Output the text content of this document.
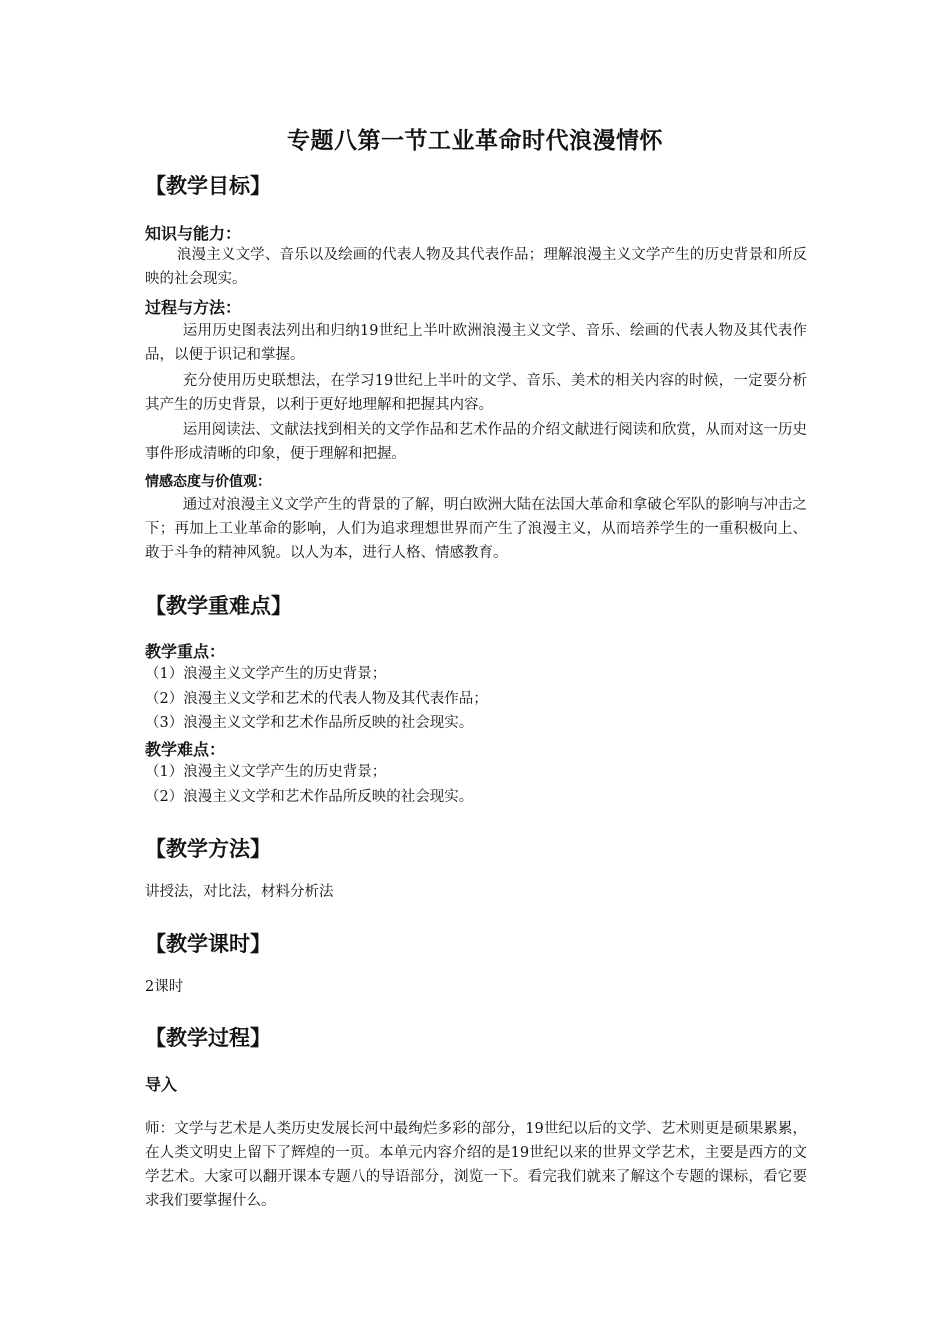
专题八第一节工业革命时代浪漫情怀
【教学目标】
知识与能力：
浪漫主义文学、音乐以及绘画的代表人物及其代表作品；理解浪漫主义文学产生的历史背景和所反映的社会现实。
过程与方法：
运用历史图表法列出和归纳19世纪上半叶欧洲浪漫主义文学、音乐、绘画的代表人物及其代表作品，以便于识记和掌握。
充分使用历史联想法，在学习19世纪上半叶的文学、音乐、美术的相关内容的时候，一定要分析其产生的历史背景，以利于更好地理解和把握其内容。
运用阅读法、文献法找到相关的文学作品和艺术作品的介绍文献进行阅读和欣赏，从而对这一历史事件形成清晰的印象，便于理解和把握。
情感态度与价值观：
通过对浪漫主义文学产生的背景的了解，明白欧洲大陆在法国大革命和拿破仑军队的影响与冲击之下；再加上工业革命的影响，人们为追求理想世界而产生了浪漫主义，从而培养学生的一重积极向上、敢于斗争的精神风貌。以人为本，进行人格、情感教育。
【教学重难点】
教学重点：
（1）浪漫主义文学产生的历史背景；
（2）浪漫主义文学和艺术的代表人物及其代表作品；
（3）浪漫主义文学和艺术作品所反映的社会现实。
教学难点：
（1）浪漫主义文学产生的历史背景；
（2）浪漫主义文学和艺术作品所反映的社会现实。
【教学方法】
讲授法，对比法，材料分析法
【教学课时】
2课时
【教学过程】
导入
师：文学与艺术是人类历史发展长河中最绚烂多彩的部分，19世纪以后的文学、艺术则更是硕果累累，在人类文明史上留下了辉煌的一页。本单元内容介绍的是19世纪以来的世界文学艺术，主要是西方的文学艺术。大家可以翻开课本专题八的导语部分，浏览一下。看完我们就来了解这个专题的课标，看它要求我们要掌握什么。
